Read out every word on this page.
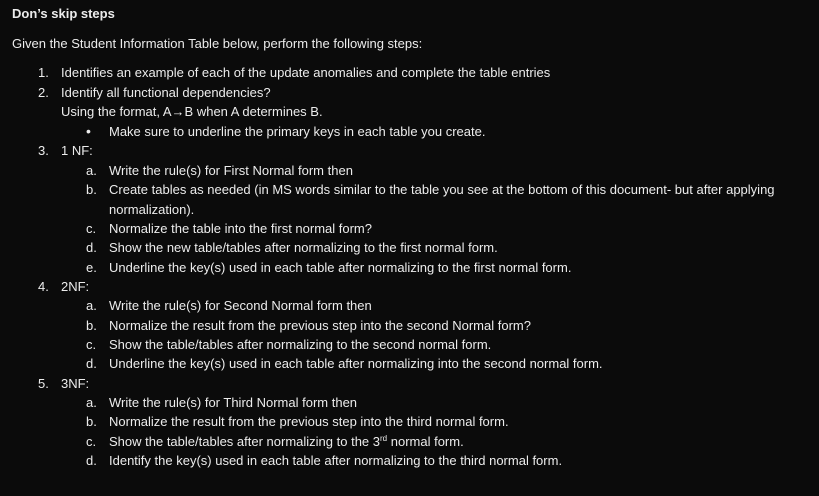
Don’s skip steps
Given the Student Information Table below, perform the following steps:
1. Identifies an example of each of the update anomalies and complete the table entries
2. Identify all functional dependencies?
Using the format, A→B when A determines B.
• Make sure to underline the primary keys in each table you create.
3. 1 NF:
a. Write the rule(s) for First Normal form then
b. Create tables as needed (in MS words similar to the table you see at the bottom of this document- but after applying normalization).
c. Normalize the table into the first normal form?
d. Show the new table/tables after normalizing to the first normal form.
e. Underline the key(s) used in each table after normalizing to the first normal form.
4. 2NF:
a. Write the rule(s) for Second Normal form then
b. Normalize the result from the previous step into the second Normal form?
c. Show the table/tables after normalizing to the second normal form.
d. Underline the key(s) used in each table after normalizing into the second normal form.
5. 3NF:
a. Write the rule(s) for Third Normal form then
b. Normalize the result from the previous step into the third normal form.
c. Show the table/tables after normalizing to the 3rd normal form.
d. Identify the key(s) used in each table after normalizing to the third normal form.
